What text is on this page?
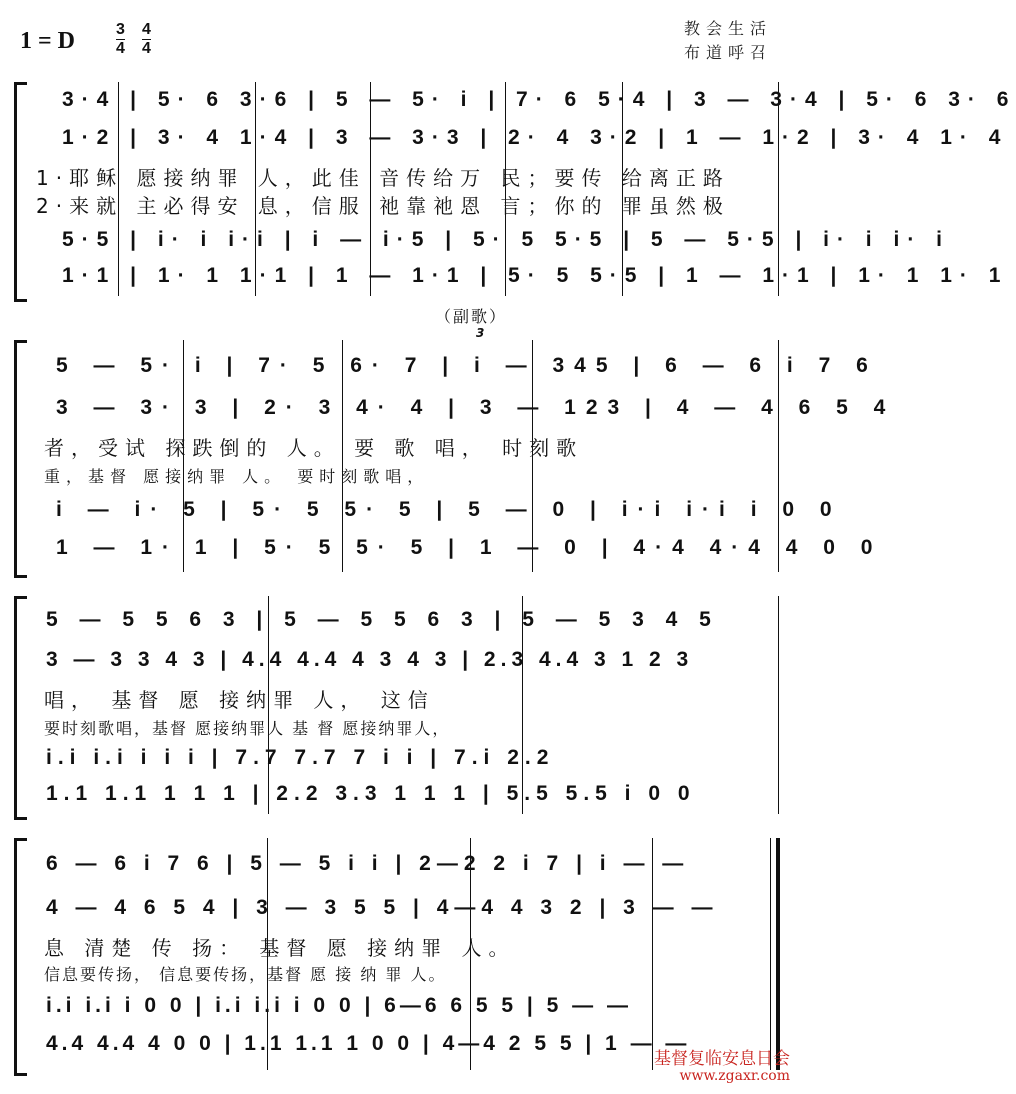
1 = D	3
4
4
4
教会生活
布道呼召
3·4 | 5· 6 3·6 | 5 — 5· i | 7· 6 5·4 | 3 — 3·4 | 5· 6 3· 6
1·2 | 3· 4 1·4 | 3 — 3·3 | 2· 4 3·2 | 1 — 1·2 | 3· 4 1· 4
1·耶稣 愿接纳罪 人，此佳 音传给万 民；要传 给离正路
2·来就 主必得安 息，信服 祂靠祂恩 言；你的 罪虽然极
5·5 | i· i i·i | i — i·5 | 5· 5 5·5 | 5 — 5·5 | i· i i· i
1·1 | 1· 1 1·1 | 1 — 1·1 | 5· 5 5·5 | 1 — 1·1 | 1· 1 1· 1
（副歌）
3
5 — 5· i | 7· 5 6· 7 | i — 345 | 6 — 6 i 7 6
3 — 3· 3 | 2· 3 4· 4 | 3 — 123 | 4 — 4 6 5 4
者，受试 探跌倒的 人。 要 歌 唱， 时刻歌
重，基督 愿接纳罪 人。 要时刻歌唱，
i — i· 5 | 5· 5 5· 5 | 5 — 0 | i·i i·i i 0 0
1 — 1· 1 | 5· 5 5· 5 | 1 — 0 | 4·4 4·4 4 0 0
5 — 5 5 6 3 | 5 — 5 5 6 3 | 5 — 5 3 4 5
3 — 3 3 4 3 | 4.4 4.4 4 3 4 3 | 2.3 4.4 3 1 2 3
唱， 基督 愿 接纳罪 人， 这信
要时刻歌唱，基督 愿接纳罪人 基 督 愿接纳罪人，
i.i i.i i i i | 7.7 7.7 7 i i | 7.i 2.2
1.1 1.1 1 1 1 | 2.2 3.3 1 1 1 | 5.5 5.5 i 0 0
6 — 6 i 7 6 | 5 — 5 i i | 2—2 2 i 7 | i — —
4 — 4 6 5 4 | 3 — 3 5 5 | 4—4 4 3 2 | 3 — —
息 清楚 传 扬： 基督 愿 接纳罪 人。
信息要传扬， 信息要传扬，基督 愿 接 纳 罪 人。
i.i i.i i 0 0 | i.i i.i i 0 0 | 6—6 6 5 5 | 5 — —
4.4 4.4 4 0 0 | 1.1 1.1 1 0 0 | 4—4 2 5 5 | 1 — —
基督复临安息日会
www.zgaxr.com
